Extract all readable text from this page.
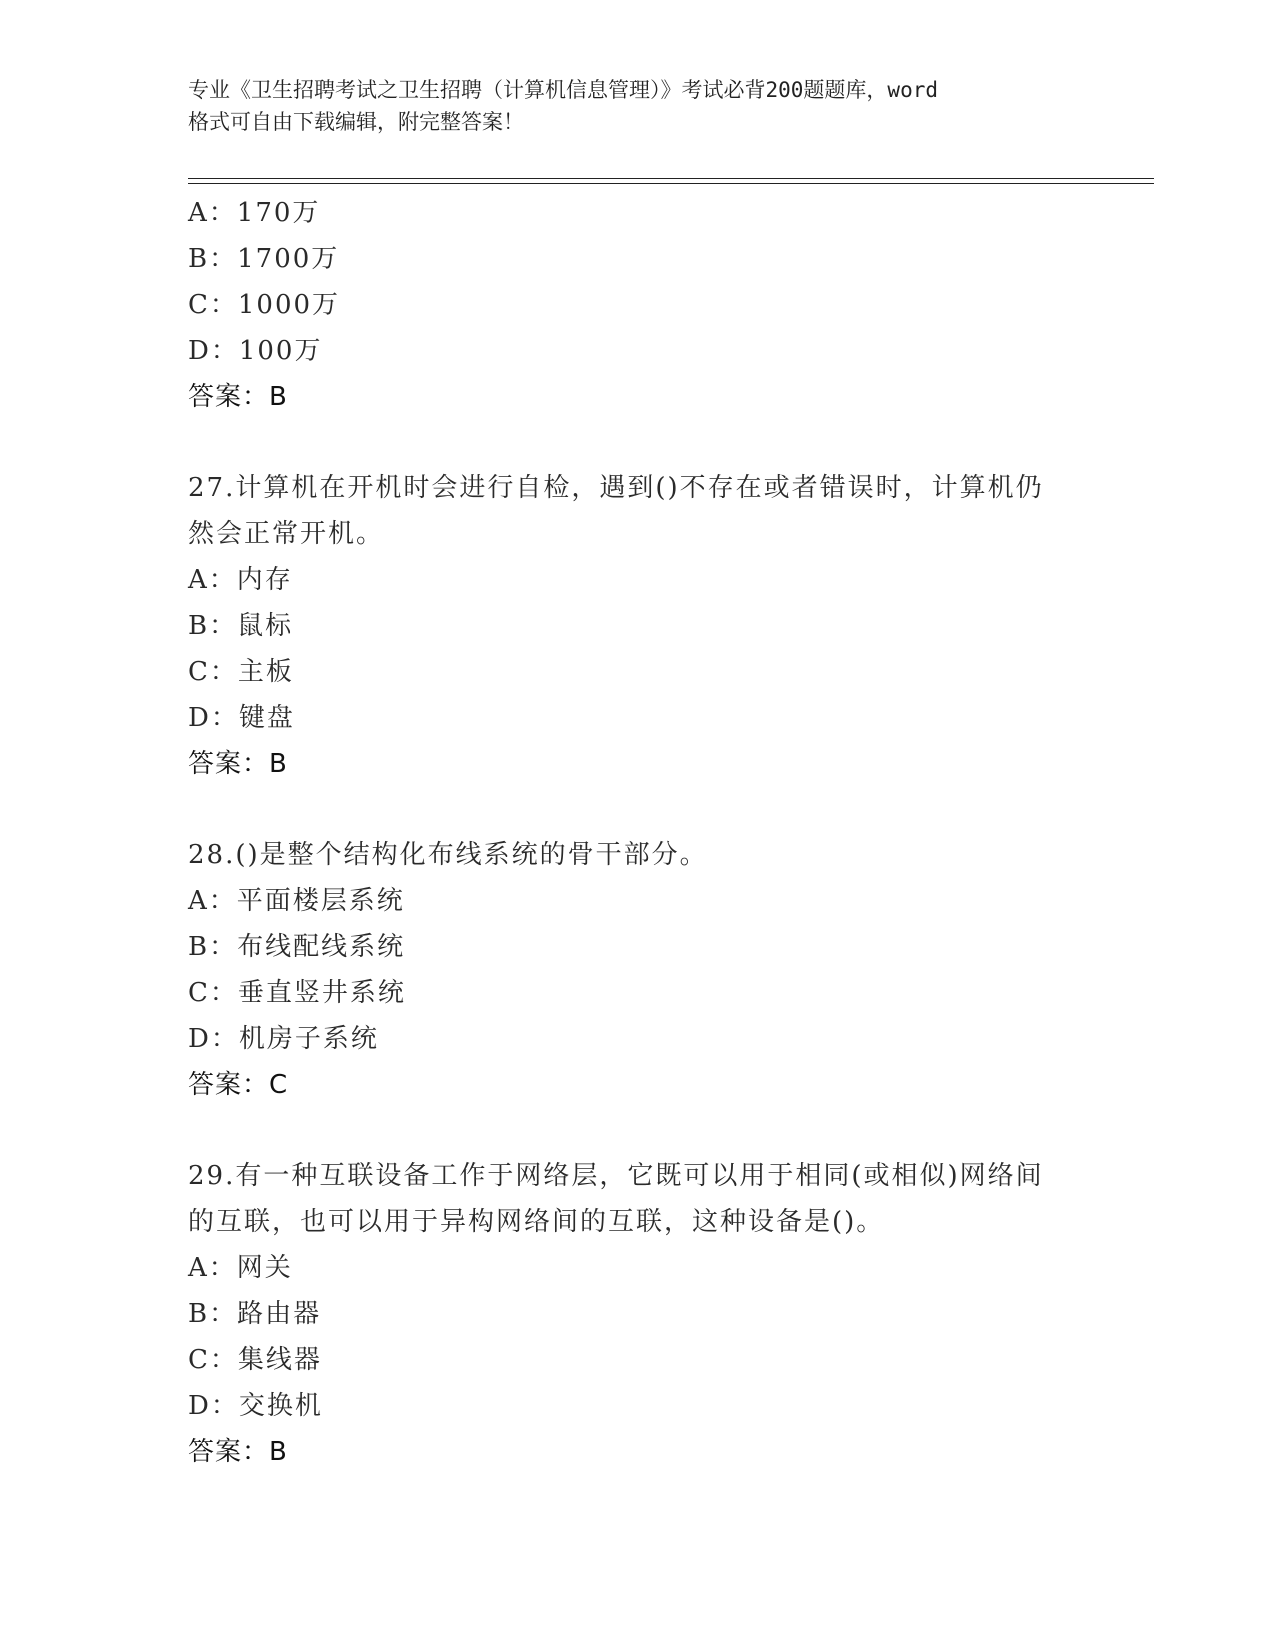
专业《卫生招聘考试之卫生招聘（计算机信息管理）》考试必背200题题库，word
格式可自由下载编辑，附完整答案！
A：170万
B：1700万
C：1000万
D：100万
答案：B
27.计算机在开机时会进行自检，遇到()不存在或者错误时，计算机仍
然会正常开机。
A：内存
B：鼠标
C：主板
D：键盘
答案：B
28.()是整个结构化布线系统的骨干部分。
A：平面楼层系统
B：布线配线系统
C：垂直竖井系统
D：机房子系统
答案：C
29.有一种互联设备工作于网络层，它既可以用于相同(或相似)网络间
的互联，也可以用于异构网络间的互联，这种设备是()。
A：网关
B：路由器
C：集线器
D：交换机
答案：B
